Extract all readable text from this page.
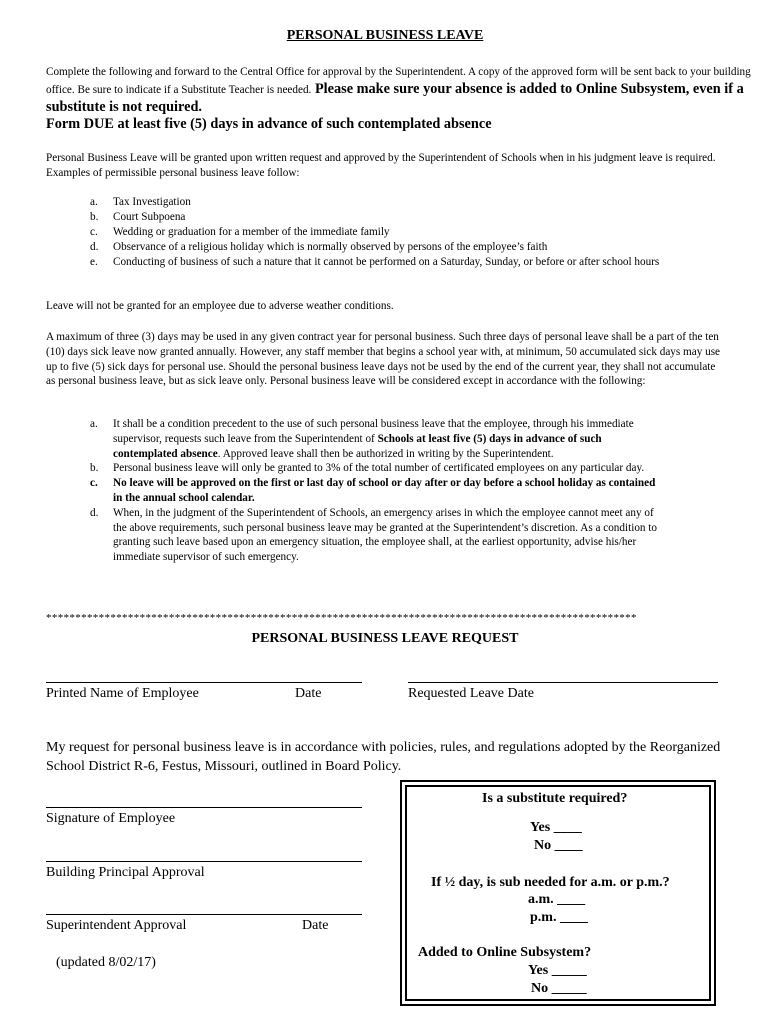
PERSONAL BUSINESS LEAVE
Complete the following and forward to the Central Office for approval by the Superintendent. A copy of the approved form will be sent back to your building office. Be sure to indicate if a Substitute Teacher is needed. Please make sure your absence is added to Online Subsystem, even if a substitute is not required.
Form DUE at least five (5) days in advance of such contemplated absence
Personal Business Leave will be granted upon written request and approved by the Superintendent of Schools when in his judgment leave is required. Examples of permissible personal business leave follow:
a. Tax Investigation
b. Court Subpoena
c. Wedding or graduation for a member of the immediate family
d. Observance of a religious holiday which is normally observed by persons of the employee’s faith
e. Conducting of business of such a nature that it cannot be performed on a Saturday, Sunday, or before or after school hours
Leave will not be granted for an employee due to adverse weather conditions.
A maximum of three (3) days may be used in any given contract year for personal business. Such three days of personal leave shall be a part of the ten (10) days sick leave now granted annually. However, any staff member that begins a school year with, at minimum, 50 accumulated sick days may use up to five (5) sick days for personal use. Should the personal business leave days not be used by the end of the current year, they shall not accumulate as personal business leave, but as sick leave only. Personal business leave will be considered except in accordance with the following:
a. It shall be a condition precedent to the use of such personal business leave that the employee, through his immediate supervisor, requests such leave from the Superintendent of Schools at least five (5) days in advance of such contemplated absence. Approved leave shall then be authorized in writing by the Superintendent.
b. Personal business leave will only be granted to 3% of the total number of certificated employees on any particular day.
c. No leave will be approved on the first or last day of school or day after or day before a school holiday as contained in the annual school calendar.
d. When, in the judgment of the Superintendent of Schools, an emergency arises in which the employee cannot meet any of the above requirements, such personal business leave may be granted at the Superintendent’s discretion. As a condition to granting such leave based upon an emergency situation, the employee shall, at the earliest opportunity, advise his/her immediate supervisor of such emergency.
*****************************************************************************************************
PERSONAL BUSINESS LEAVE REQUEST
Printed Name of Employee	Date	Requested Leave Date
My request for personal business leave is in accordance with policies, rules, and regulations adopted by the Reorganized School District R-6, Festus, Missouri, outlined in Board Policy.
Signature of Employee
Building Principal Approval
Superintendent Approval	Date
(updated 8/02/17)
Is a substitute required?
Yes ____
No ____
If ½ day, is sub needed for a.m. or p.m.?
a.m. ____
p.m. ____
Added to Online Subsystem?
Yes _____
No _____
